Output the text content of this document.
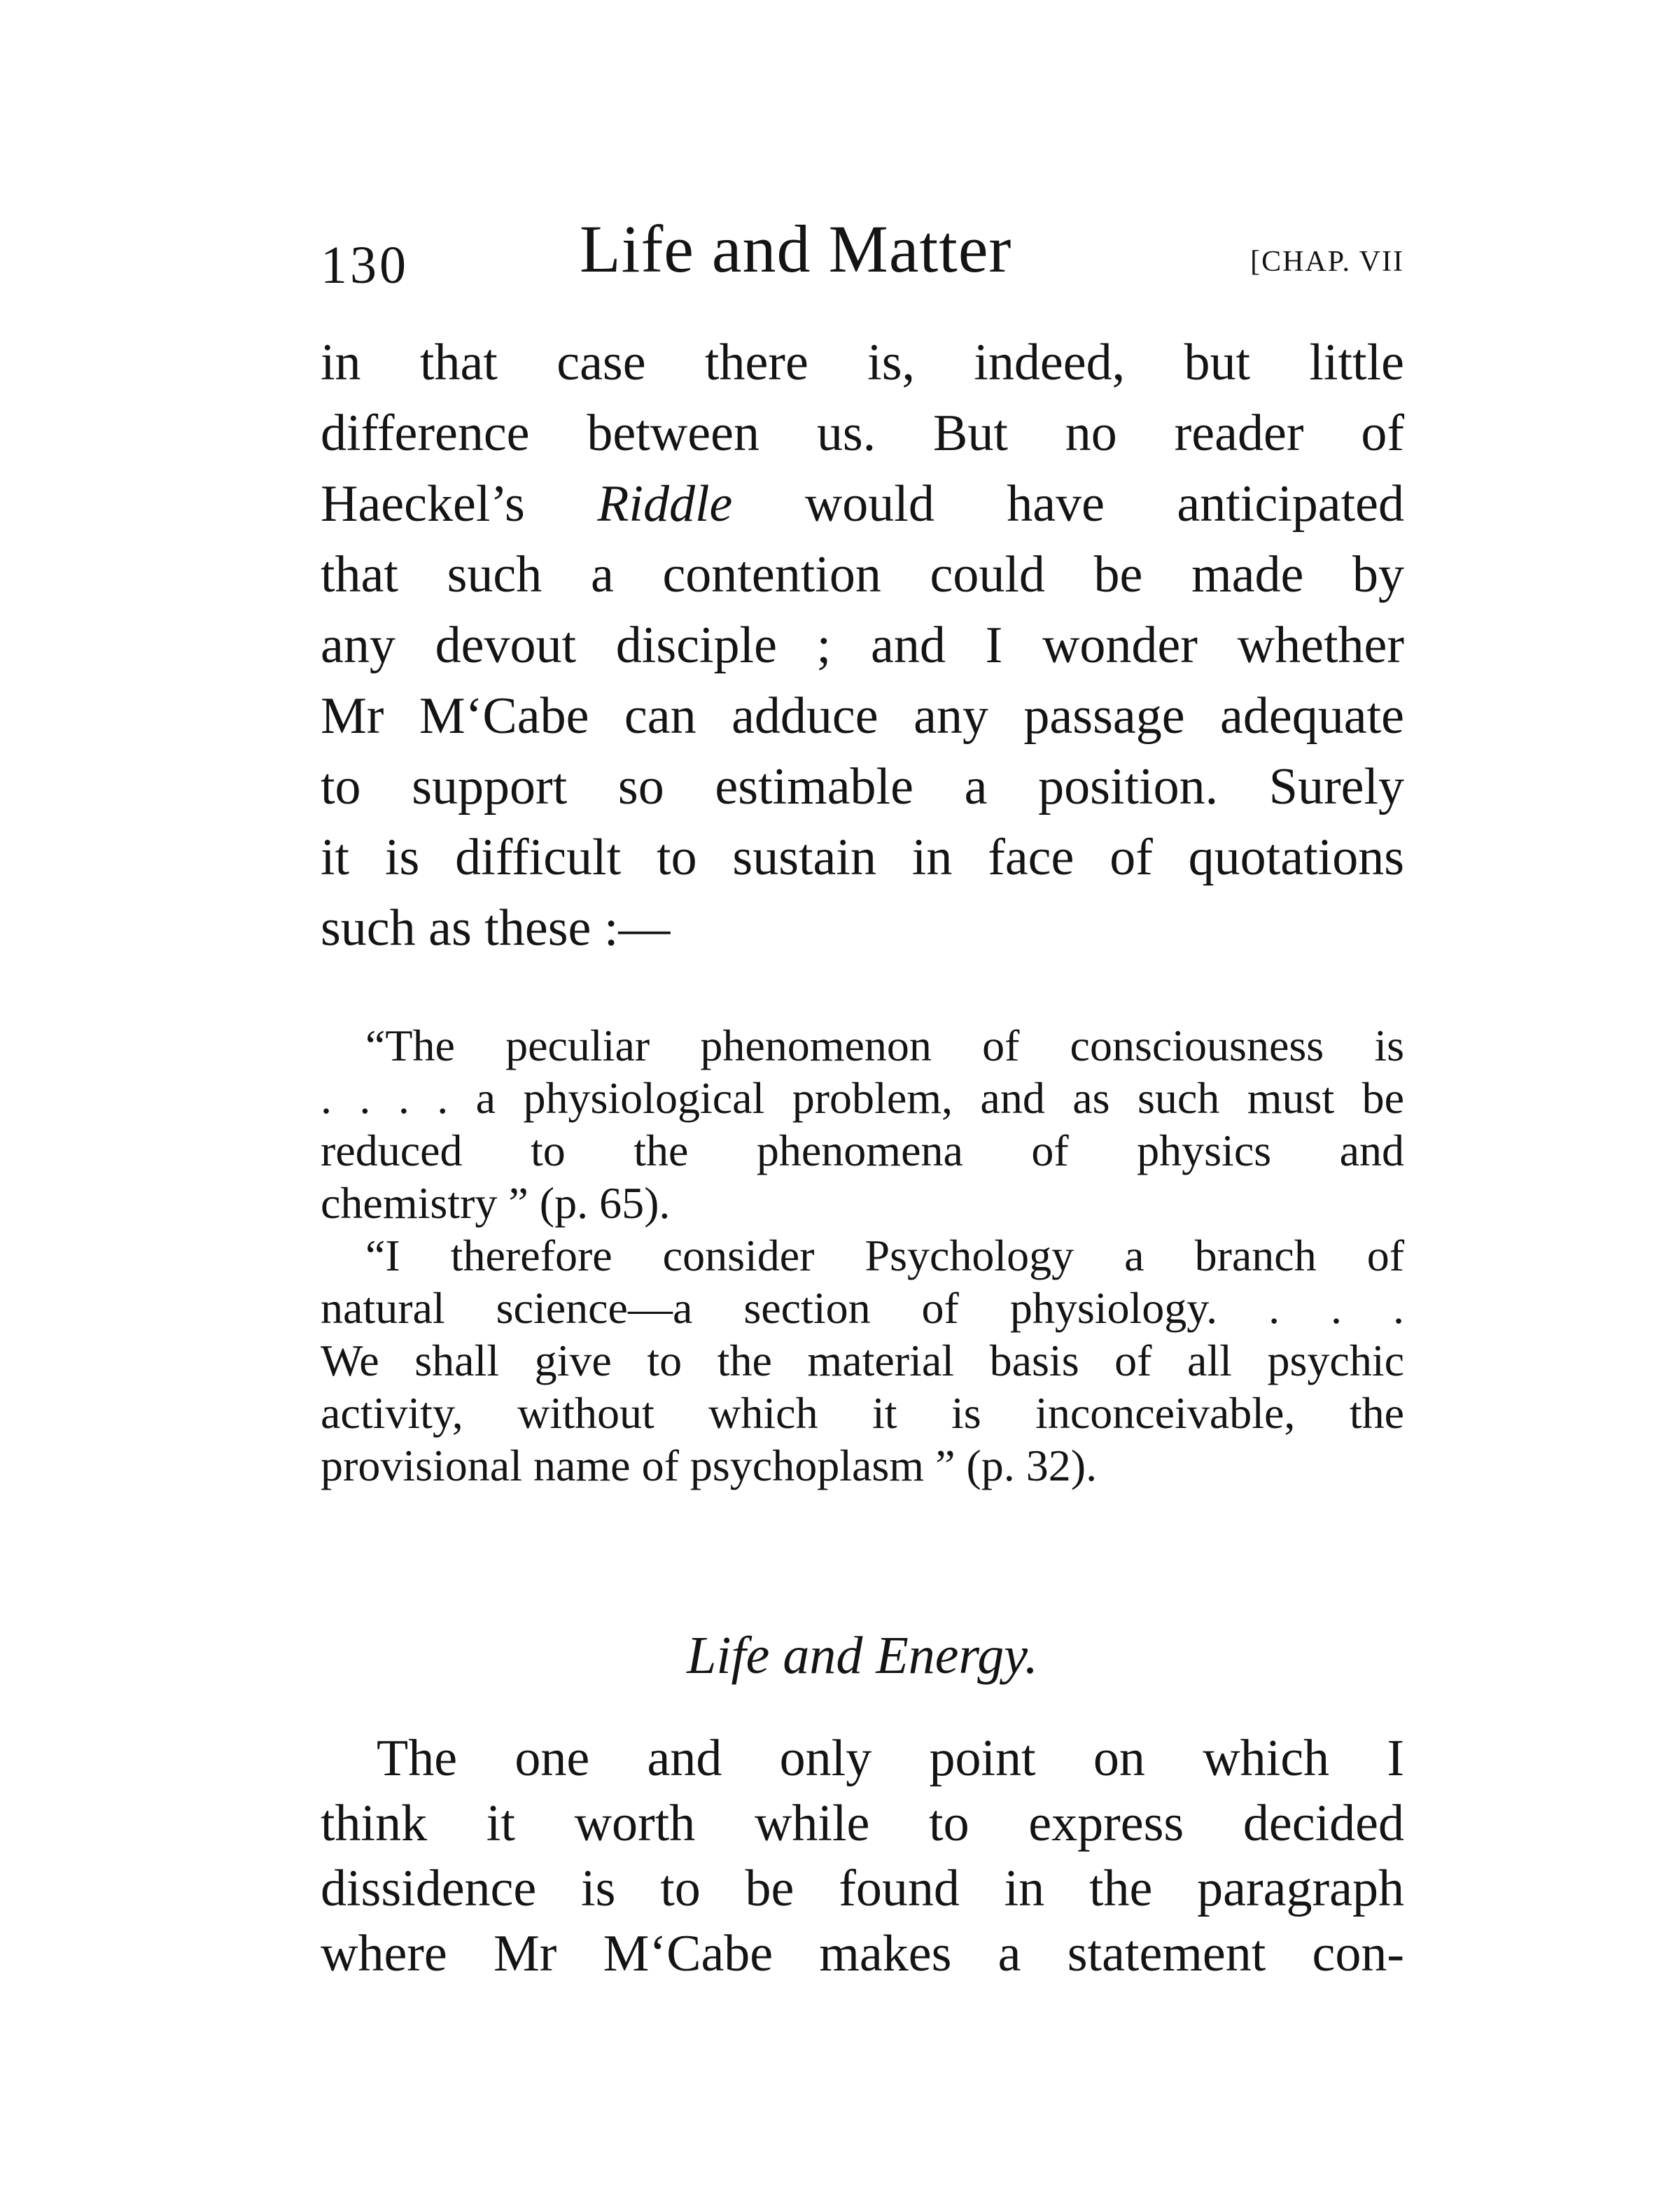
130	Life and Matter	[CHAP. VII
in that case there is, indeed, but little
difference between us. But no reader of
Haeckel’s Riddle would have anticipated
that such a contention could be made by
any devout disciple ; and I wonder whether
Mr M‘Cabe can adduce any passage adequate
to support so estimable a position. Surely
it is difficult to sustain in face of quotations
such as these :—
“The peculiar phenomenon of consciousness is
. . . . a physiological problem, and as such must be
reduced to the phenomena of physics and
chemistry ” (p. 65).
“I therefore consider Psychology a branch of
natural science—a section of physiology. . . .
We shall give to the material basis of all psychic
activity, without which it is inconceivable, the
provisional name of psychoplasm ” (p. 32).
Life and Energy.
The one and only point on which I
think it worth while to express decided
dissidence is to be found in the paragraph
where Mr M‘Cabe makes a statement con-
